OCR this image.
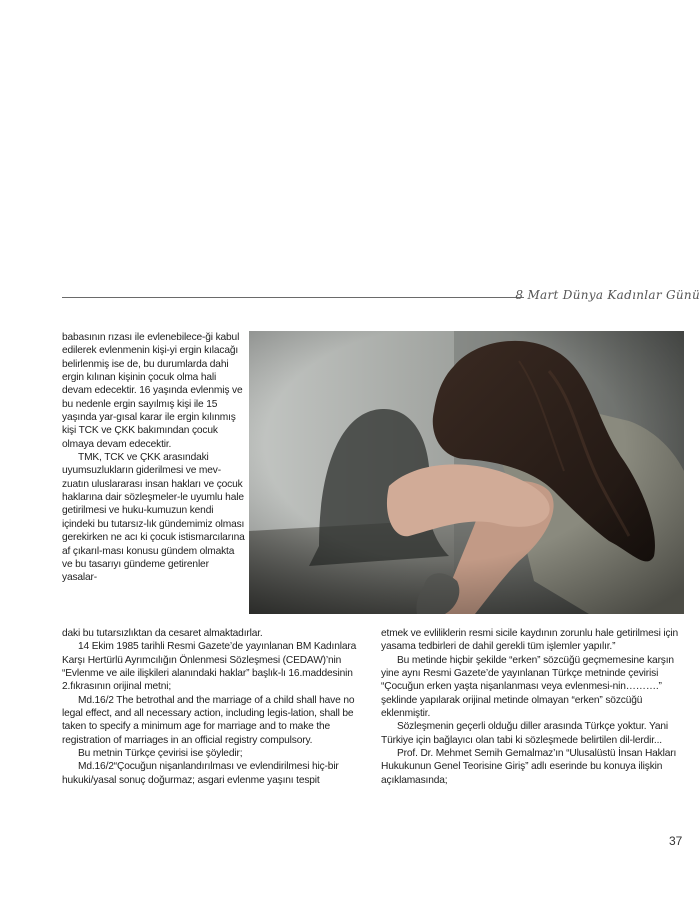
8 Mart Dünya Kadınlar Günü

babasının rızası ile evlenebilece-ği kabul edilerek evlenmenin kişi-yi ergin kılacağı belirlenmiş ise de, bu durumlarda dahi ergin kılınan kişinin çocuk olma hali devam edecektir. 16 yaşında evlenmiş ve bu nedenle ergin sayılmış kişi ile 15 yaşında yar-gısal karar ile ergin kılınmış kişi TCK ve ÇKK bakımından çocuk olmaya devam edecektir.

TMK, TCK ve ÇKK arasındaki uyumsuzlukların giderilmesi ve mev-zuatın uluslararası insan hakları ve çocuk haklarına dair sözleşmeler-le uyumlu hale getirilmesi ve huku-kumuzun kendi içindeki bu tutarsız-lık gündemimiz olması gerekirken ne acı ki çocuk istismarcılarına af çıkarıl-ması konusu gündem olmakta ve bu tasarıyı gündeme getirenler yasalar-

daki bu tutarsızlıktan da cesaret almaktadırlar.

14 Ekim 1985 tarihli Resmi Gazete’de yayınlanan BM Kadınlara Karşı Hertürlü Ayrımcılığın Önlenmesi Sözleşmesi (CEDAW)’nin “Evlenme ve aile ilişkileri alanındaki haklar” başlık-lı 16.maddesinin 2.fıkrasının orijinal metni;

Md.16/2 The betrothal and the marriage of a child shall have no legal effect, and all necessary action, including legis-lation, shall be taken to specify a minimum age for marriage and to make the registration of marriages in an official registry compulsory.

Bu metnin Türkçe çevirisi ise şöyledir;

Md.16/2“Çocuğun nişanlandırılması ve evlendirilmesi hiç-bir hukuki/yasal sonuç doğurmaz; asgari evlenme yaşını tespit

etmek ve evliliklerin resmi sicile kaydının zorunlu hale getirilmesi için yasama tedbirleri de dahil gerekli tüm işlemler yapılır.”

Bu metinde hiçbir şekilde “erken” sözcüğü geçmemesine karşın yine aynı Resmi Gazete’de yayınlanan Türkçe metninde çevirisi “Çocuğun erken yaşta nişanlanması veya evlenmesi-nin……….” şeklinde yapılarak orijinal metinde olmayan “erken” sözcüğü eklenmiştir.

Sözleşmenin geçerli olduğu diller arasında Türkçe yoktur. Yani Türkiye için bağlayıcı olan tabi ki sözleşmede belirtilen dil-lerdir...

Prof. Dr. Mehmet Semih Gemalmaz’ın “Ulusalüstü İnsan Hakları Hukukunun Genel Teorisine Giriş” adlı eserinde bu konuya ilişkin açıklamasında;

37
